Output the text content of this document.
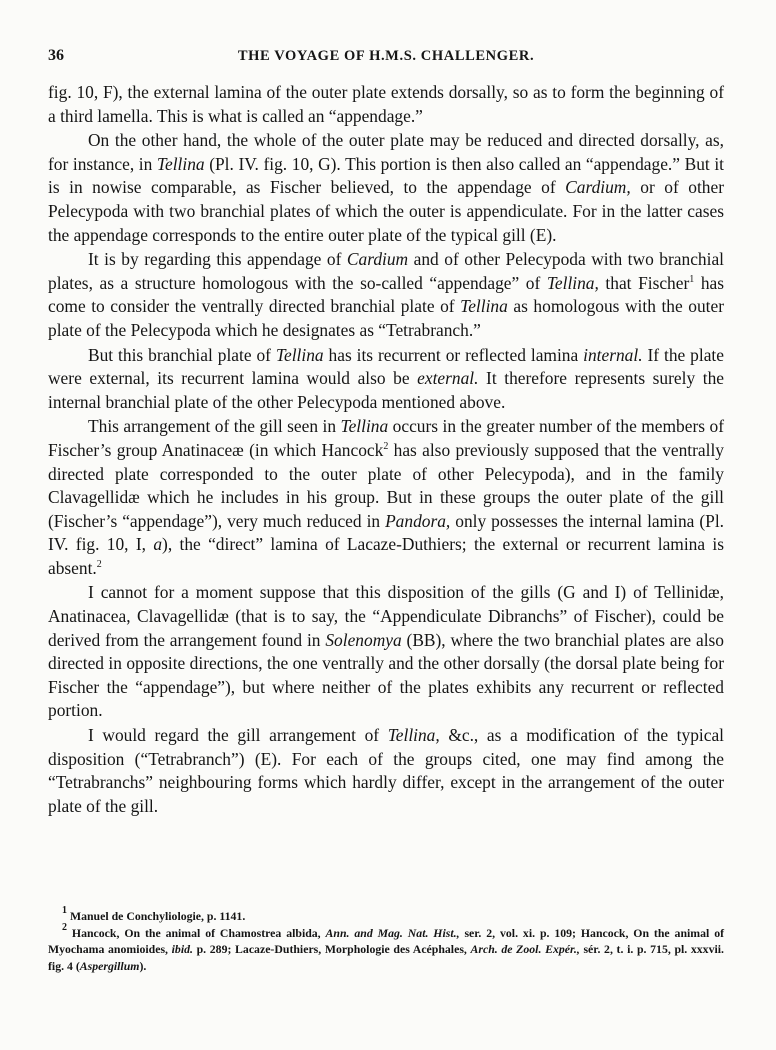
36	THE VOYAGE OF H.M.S. CHALLENGER.

fig. 10, F), the external lamina of the outer plate extends dorsally, so as to form the beginning of a third lamella. This is what is called an “appendage.”

On the other hand, the whole of the outer plate may be reduced and directed dorsally, as, for instance, in Tellina (Pl. IV. fig. 10, G). This portion is then also called an “appendage.” But it is in nowise comparable, as Fischer believed, to the appendage of Cardium, or of other Pelecypoda with two branchial plates of which the outer is appendiculate. For in the latter cases the appendage corresponds to the entire outer plate of the typical gill (E).

It is by regarding this appendage of Cardium and of other Pelecypoda with two branchial plates, as a structure homologous with the so-called “appendage” of Tellina, that Fischer$^1$ has come to consider the ventrally directed branchial plate of Tellina as homologous with the outer plate of the Pelecypoda which he designates as “Tetrabranch.”

But this branchial plate of Tellina has its recurrent or reflected lamina internal. If the plate were external, its recurrent lamina would also be external. It therefore represents surely the internal branchial plate of the other Pelecypoda mentioned above.

This arrangement of the gill seen in Tellina occurs in the greater number of the members of Fischer’s group Anatinaceæ (in which Hancock$^2$ has also previously supposed that the ventrally directed plate corresponded to the outer plate of other Pelecypoda), and in the family Clavagellidæ which he includes in his group. But in these groups the outer plate of the gill (Fischer’s “appendage”), very much reduced in Pandora, only possesses the internal lamina (Pl. IV. fig. 10, I, a), the “direct” lamina of Lacaze-Duthiers; the external or recurrent lamina is absent.$^2$

I cannot for a moment suppose that this disposition of the gills (G and I) of Tellinidæ, Anatinacea, Clavagellidæ (that is to say, the “Appendiculate Dibranchs” of Fischer), could be derived from the arrangement found in Solenomya (BB), where the two branchial plates are also directed in opposite directions, the one ventrally and the other dorsally (the dorsal plate being for Fischer the “appendage”), but where neither of the plates exhibits any recurrent or reflected portion.

I would regard the gill arrangement of Tellina, &c., as a modification of the typical disposition (“Tetrabranch”) (E). For each of the groups cited, one may find among the “Tetrabranchs” neighbouring forms which hardly differ, except in the arrangement of the outer plate of the gill.

$^1$ Manuel de Conchyliologie, p. 1141.

$^2$ Hancock, On the animal of Chamostrea albida, Ann. and Mag. Nat. Hist., ser. 2, vol. xi. p. 109; Hancock, On the animal of Myochama anomioides, ibid. p. 289; Lacaze-Duthiers, Morphologie des Acéphales, Arch. de Zool. Expér., sér. 2, t. i. p. 715, pl. xxxvii. fig. 4 (Aspergillum).
